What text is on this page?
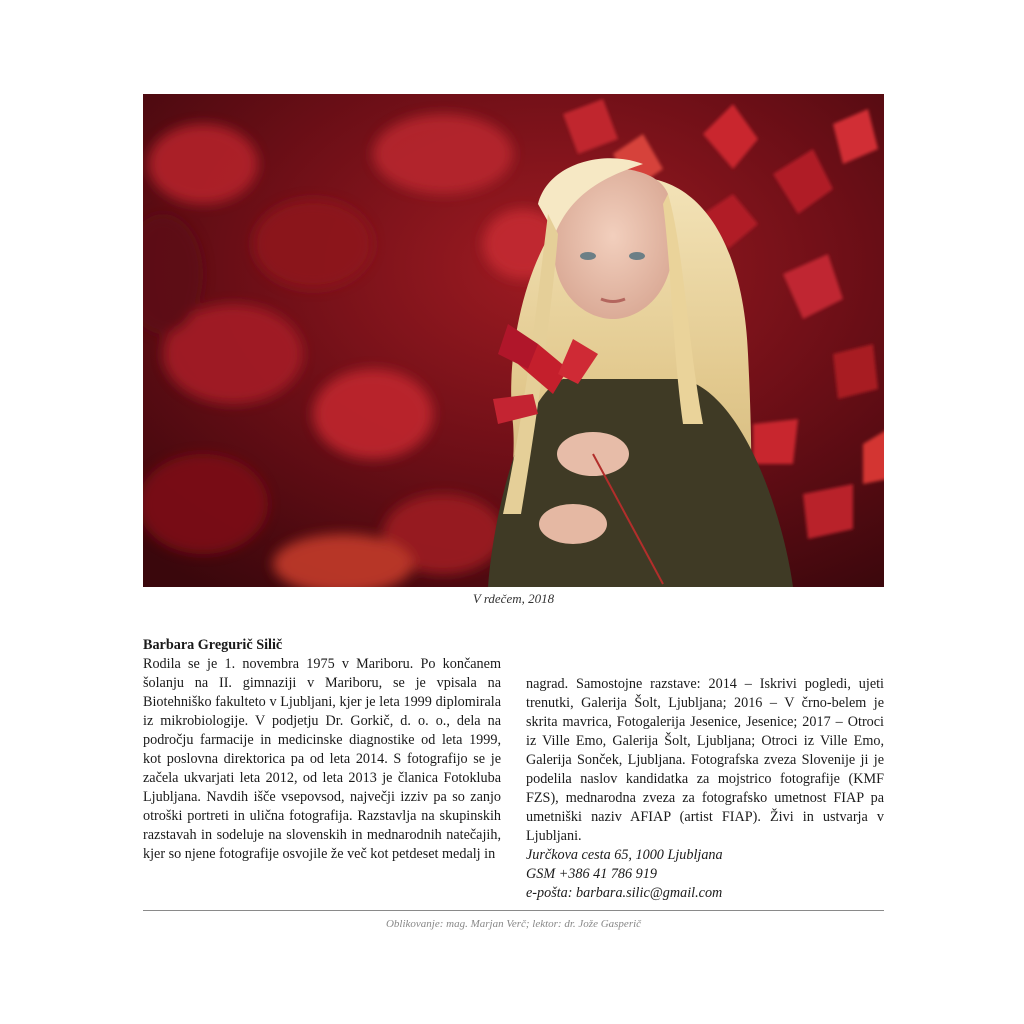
V rdečem, 2018

Barbara Gregurič Silič

Rodila se je 1. novembra 1975 v Mariboru. Po končanem šolanju na II. gimnaziji v Mariboru, se je vpisala na Biotehniško fakulteto v Ljubljani, kjer je leta 1999 diplomirala iz mikrobiologije. V podjetju Dr. Gorkič, d. o. o., dela na področju farmacije in medicinske diagnostike od leta 1999, kot poslovna direktorica pa od leta 2014. S fotografijo se je začela ukvarjati leta 2012, od leta 2013 je članica Fotokluba Ljubljana. Navdih išče vsepovsod, največji izziv pa so zanjo otroški portreti in ulična fotografija. Razstavlja na skupinskih razstavah in sodeluje na slovenskih in mednarodnih natečajih, kjer so njene fotografije osvojile že več kot petdeset medalj in

nagrad. Samostojne razstave: 2014 – Iskrivi pogledi, ujeti trenutki, Galerija Šolt, Ljubljana; 2016 – V črno-belem je skrita mavrica, Fotogalerija Jesenice, Jesenice; 2017 – Otroci iz Ville Emo, Galerija Šolt, Ljubljana; Otroci iz Ville Emo, Galerija Sonček, Ljubljana. Fotografska zveza Slovenije ji je podelila naslov kandidatka za mojstrico fotografije (KMF FZS), mednarodna zveza za fotografsko umetnost FIAP pa umetniški naziv AFIAP (artist FIAP). Živi in ustvarja v Ljubljani.

Jurčkova cesta 65, 1000 Ljubljana

GSM +386 41 786 919

e-pošta: barbara.silic@gmail.com

Oblikovanje: mag. Marjan Verč; lektor: dr. Jože Gasperič
